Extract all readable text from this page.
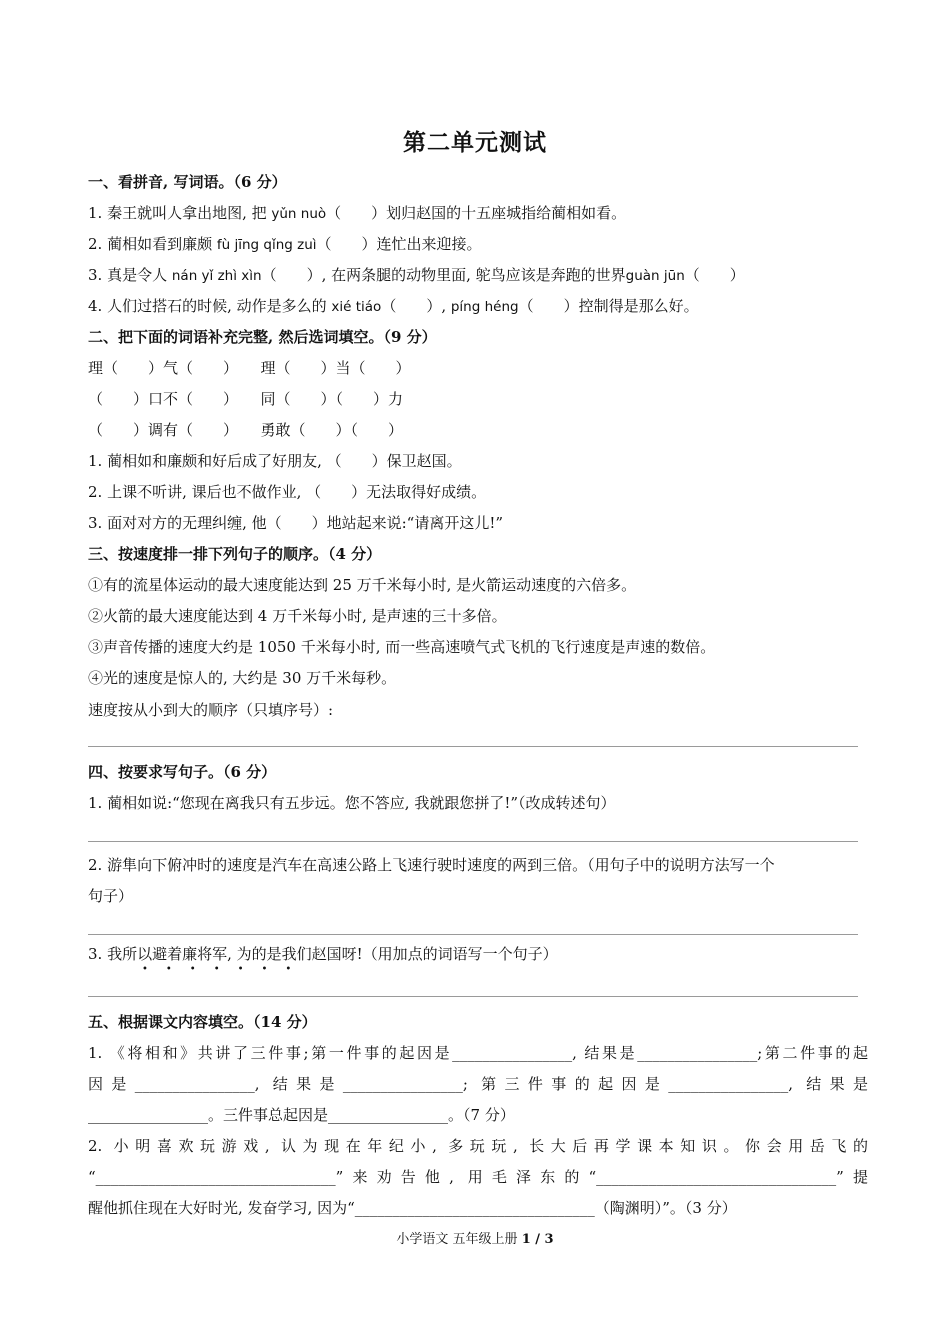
第二单元测试
一、看拼音, 写词语。（6 分）
1. 秦王就叫人拿出地图, 把 yǔn nuò（　　）划归赵国的十五座城指给蔺相如看。
2. 蔺相如看到廉颇 fù jīng qǐng zuì（　　）连忙出来迎接。
3. 真是令人 nán yǐ zhì xìn（　　）, 在两条腿的动物里面, 鸵鸟应该是奔跑的世界guàn jūn（　　）
4. 人们过搭石的时候, 动作是多么的 xié tiáo（　　）, píng héng（　　）控制得是那么好。
二、把下面的词语补充完整, 然后选词填空。（9 分）
理（　　）气（　　）　　理（　　）当（　　）
（　　）口不（　　）　　同（　　）（　　）力
（　　）调有（　　）　　勇敢（　　）（　　）
1. 蔺相如和廉颇和好后成了好朋友, （　　）保卫赵国。
2. 上课不听讲, 课后也不做作业, （　　）无法取得好成绩。
3. 面对对方的无理纠缠, 他（　　）地站起来说:“请离开这儿!”
三、按速度排一排下列句子的顺序。（4 分）
①有的流星体运动的最大速度能达到 25 万千米每小时, 是火箭运动速度的六倍多。
②火箭的最大速度能达到 4 万千米每小时, 是声速的三十多倍。
③声音传播的速度大约是 1050 千米每小时, 而一些高速喷气式飞机的飞行速度是声速的数倍。
④光的速度是惊人的, 大约是 30 万千米每秒。
速度按从小到大的顺序（只填序号）:
四、按要求写句子。（6 分）
1. 蔺相如说:“您现在离我只有五步远。您不答应, 我就跟您拼了!”（改成转述句）
2. 游隼向下俯冲时的速度是汽车在高速公路上飞速行驶时速度的两到三倍。（用句子中的说明方法写一个
句子）
3. 我所以避着廉将军, 为的是我们赵国呀!（用加点的词语写一个句子）
•••••••
五、根据课文内容填空。（14 分）
1. 《将相和》共讲了三件事;第一件事的起因是________________, 结果是________________;第二件事的起
因是________________, 结果是________________; 第三件事的起因是________________, 结果是
________________。三件事总起因是________________。（7 分）
2. 小明喜欢玩游戏, 认为现在年纪小, 多玩玩, 长大后再学课本知识。你会用岳飞的
“________________________________”来劝告他, 用毛泽东的“________________________________”提
醒他抓住现在大好时光, 发奋学习, 因为“________________________________（陶渊明）”。（3 分）
小学语文 五年级上册 1 / 3
